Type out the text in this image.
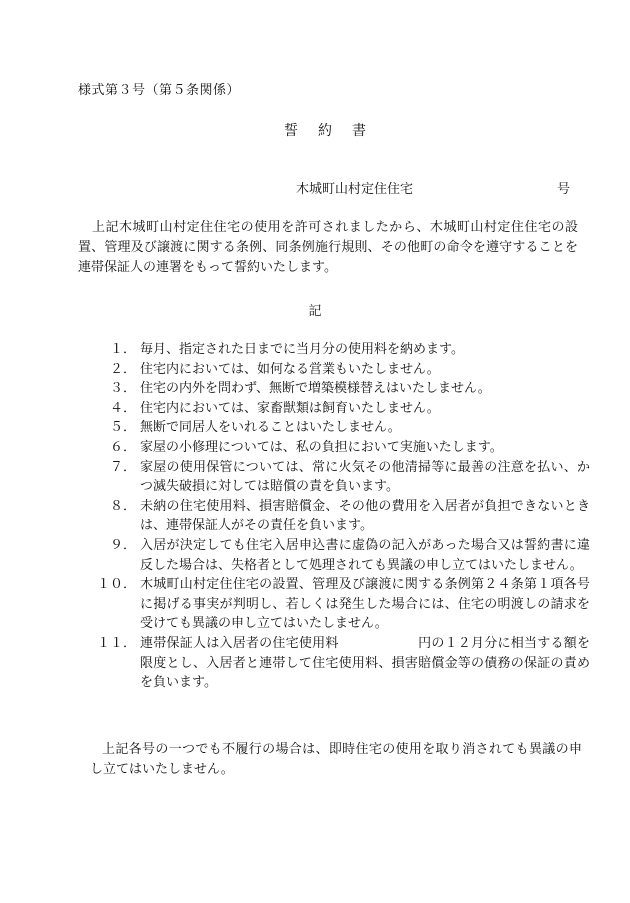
様式第３号（第５条関係）
誓約書
木城町山村定住住宅	号
上記木城町山村定住住宅の使用を許可されましたから、木城町山村定住住宅の設置、管理及び譲渡に関する条例、同条例施行規則、その他町の命令を遵守することを連帯保証人の連署をもって誓約いたします。
記
１． 毎月、指定された日までに当月分の使用料を納めます。
２． 住宅内においては、如何なる営業もいたしません。
３． 住宅の内外を問わず、無断で増築模様替えはいたしません。
４． 住宅内においては、家畜獣類は飼育いたしません。
５． 無断で同居人をいれることはいたしません。
６． 家屋の小修理については、私の負担において実施いたします。
７． 家屋の使用保管については、常に火気その他清掃等に最善の注意を払い、かつ滅失破損に対しては賠償の責を負います。
８． 未納の住宅使用料、損害賠償金、その他の費用を入居者が負担できないときは、連帯保証人がその責任を負います。
９． 入居が決定しても住宅入居申込書に虚偽の記入があった場合又は誓約書に違反した場合は、失格者として処理されても異議の申し立てはいたしません。
１０． 木城町山村定住住宅の設置、管理及び譲渡に関する条例第２４条第１項各号に掲げる事実が判明し、若しくは発生した場合には、住宅の明渡しの請求を受けても異議の申し立てはいたしません。
１１． 連帯保証人は入居者の住宅使用料　　　　　　円の１２月分に相当する額を限度とし、入居者と連帯して住宅使用料、損害賠償金等の債務の保証の責めを負います。
上記各号の一つでも不履行の場合は、即時住宅の使用を取り消されても異議の申し立てはいたしません。
